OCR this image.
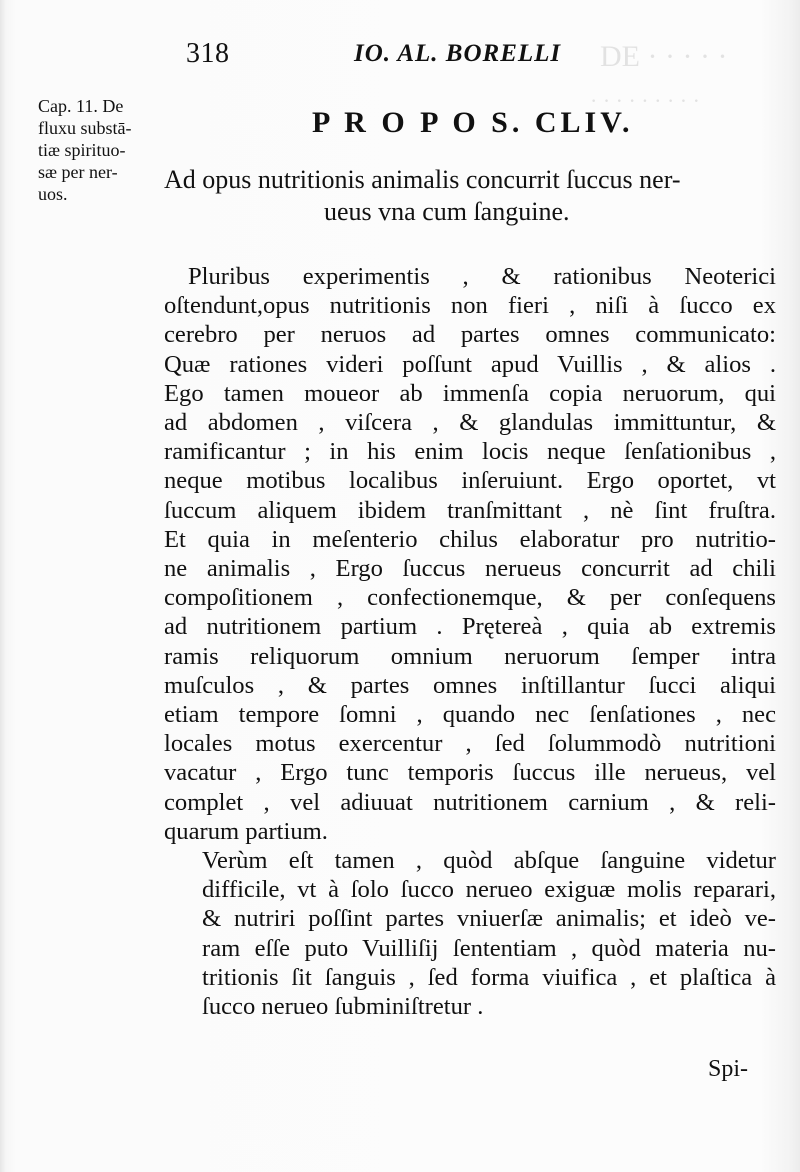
DE · · · · ·
· · · · · · · · ·
318	IO. AL. BORELLI
Cap. 11. De
fluxu substā-
tiæ spirituo-
sæ per ner-
uos.
P R O P O S. CLIV.
Ad opus nutritionis animalis concurrit ſuccus ner-
ueus vna cum ſanguine.
Pluribus experimentis , & rationibus Neoterici
oſtendunt,opus nutritionis non fieri , niſi à ſucco ex
cerebro per neruos ad partes omnes communicato:
Quæ rationes videri poſſunt apud Vuillis , & alios .
Ego tamen moueor ab immenſa copia neruorum, qui
ad abdomen , viſcera , & glandulas immittuntur, &
ramificantur ; in his enim locis neque ſenſationibus ,
neque motibus localibus inſeruiunt. Ergo oportet, vt
ſuccum aliquem ibidem tranſmittant , nè ſint fruſtra.
Et quia in meſenterio chilus elaboratur pro nutritio-
ne animalis , Ergo ſuccus nerueus concurrit ad chili
compoſitionem , confectionemque, & per conſequens
ad nutritionem partium . Prętereà , quia ab extremis
ramis reliquorum omnium neruorum ſemper intra
muſculos , & partes omnes inſtillantur ſucci aliqui
etiam tempore ſomni , quando nec ſenſationes , nec
locales motus exercentur , ſed ſolummodò nutritioni
vacatur , Ergo tunc temporis ſuccus ille nerueus, vel
complet , vel adiuuat nutritionem carnium , & reli-
quarum partium.
Verùm eſt tamen , quòd abſque ſanguine videtur
difficile, vt à ſolo ſucco nerueo exiguæ molis reparari,
& nutriri poſſint partes vniuerſæ animalis; et ideò ve-
ram eſſe puto Vuilliſij ſententiam , quòd materia nu-
tritionis ſit ſanguis , ſed forma viuifica , et plaſtica à
ſucco nerueo ſubminiſtretur .
Spi-
